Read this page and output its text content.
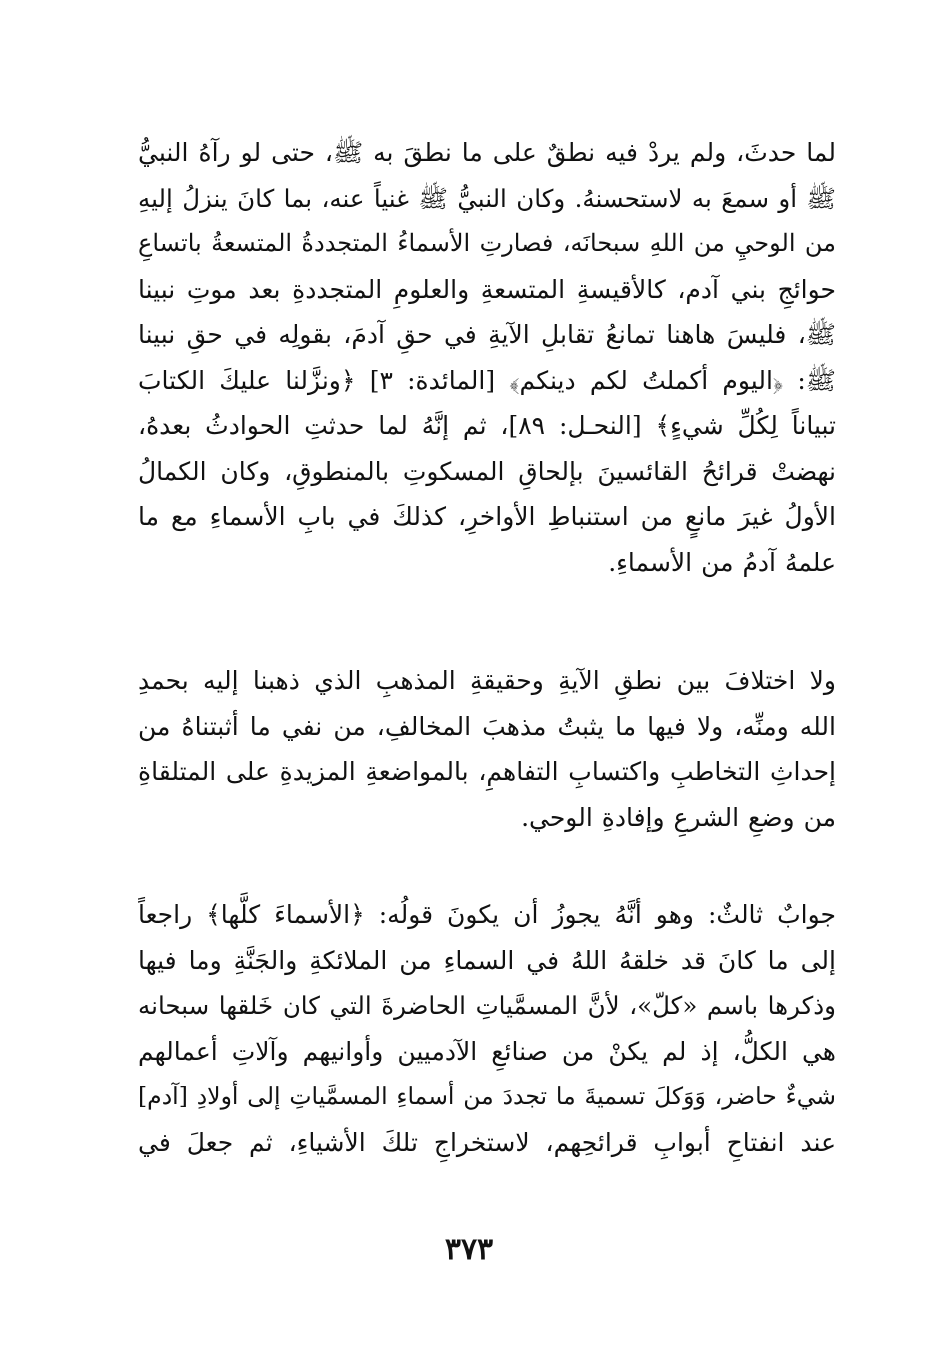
لما حدثَ، ولم يردْ فيه نطقٌ على ما نطقَ به ﷺ، حتى لو رآهُ النبيُّ
ﷺ أو سمعَ به لاستحسنهُ. وكان النبيُّ ﷺ غنياً عنه، بما كانَ ينزلُ إليهِ
من الوحيِ من اللهِ سبحانَه، فصارتِ الأسماءُ المتجددةُ المتسعةُ باتساعِ
حوائجِ بني آدم، كالأقيسةِ المتسعةِ والعلومِ المتجددةِ بعد موتِ نبينا
ﷺ، فليسَ هاهنا تمانعُ تقابلِ الآيةِ في حقِ آدمَ، بقولِه في حقِ نبينا
ﷺ: ﴿اليوم أكملتُ لكم دينكم﴾ [المائدة: ٣] ﴿ونزَّلنا عليكَ الكتابَ
تبياناً لِكُلِّ شيءٍ﴾ [النحـل: ٨٩]، ثم إنَّهُ لما حدثتِ الحوادثُ بعدهُ،
نهضتْ قرائحُ القائسينَ بإلحاقِ المسكوتِ بالمنطوقِ، وكان الكمالُ
الأولُ غيرَ مانعٍ من استنباطِ الأواخرِ، كذلكَ في بابِ الأسماءِ مع ما
علمهُ آدمُ من الأسماءِ.
ولا اختلافَ بين نطقِ الآيةِ وحقيقةِ المذهبِ الذي ذهبنا إليه بحمدِ
الله ومنِّه، ولا فيها ما يثبتُ مذهبَ المخالفِ، من نفي ما أثبتناهُ من
إحداثِ التخاطبِ واكتسابِ التفاهمِ، بالمواضعةِ المزيدةِ على المتلقاةِ
من وضعِ الشرعِ وإفادةِ الوحي.
جوابٌ ثالثٌ: وهو أنَّهُ يجوزُ أن يكونَ قولُه: ﴿الأسماءَ كلَّها﴾ راجعاً
إلى ما كانَ قد خلقهُ اللهُ في السماءِ من الملائكةِ والجَنَّةِ وما فيها
وذكرها باسم «كلّ»، لأنَّ المسمَّياتِ الحاضرةَ التي كان خَلقها سبحانه
هي الكلُّ، إذ لم يكنْ من صنائعِ الآدميين وأوانيهم وآلاتِ أعمالهم
شيءٌ حاضر، وَوَكلَ تسميةَ ما تجددَ من أسماءِ المسمَّياتِ إلى أولادِ [آدم]
عند انفتاحِ أبوابِ قرائحِهم، لاستخراجِ تلكَ الأشياءِ، ثم جعلَ في
٣٧٣
